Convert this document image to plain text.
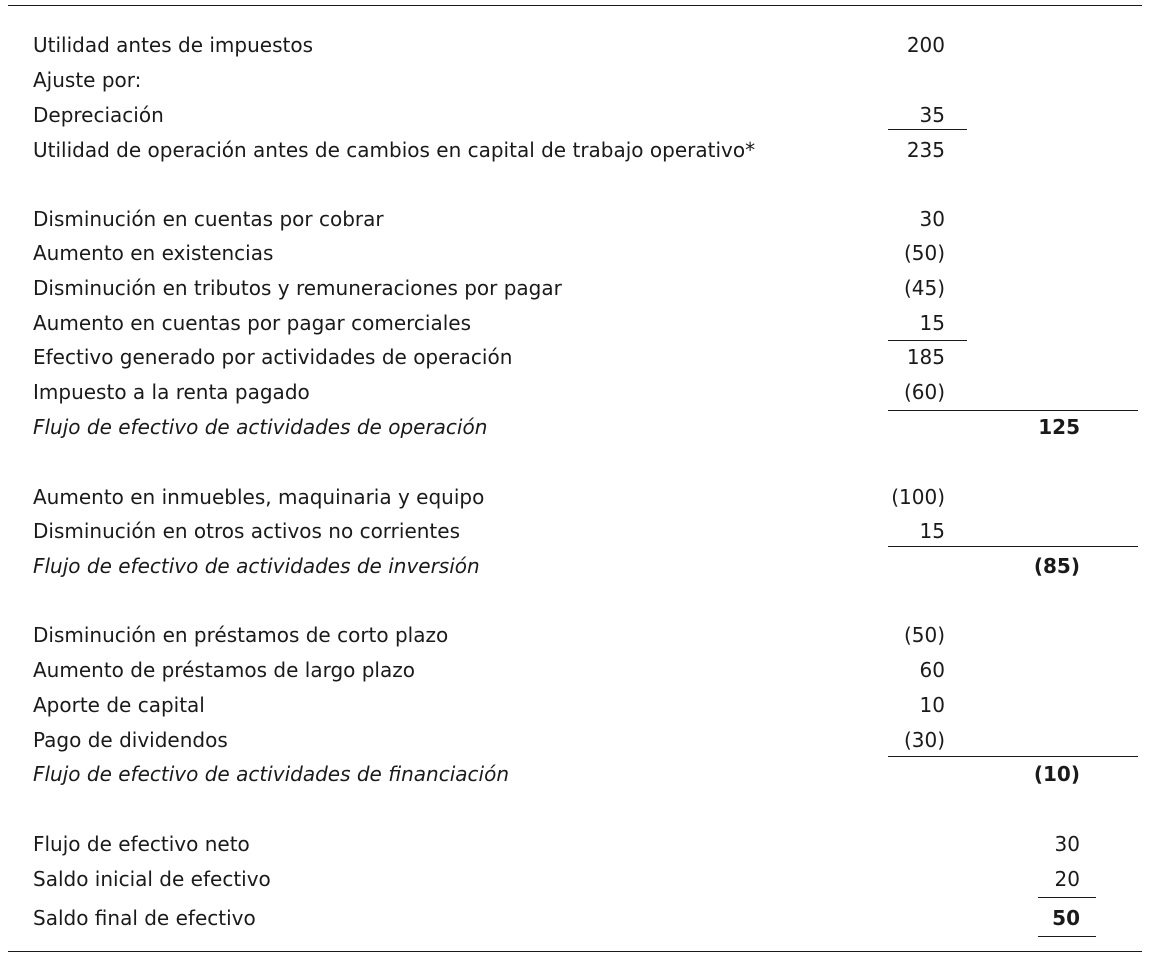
Utilidad antes de impuestos	200
Ajuste por:
Depreciación	35
Utilidad de operación antes de cambios en capital de trabajo operativo*	235
Disminución en cuentas por cobrar	30
Aumento en existencias	(50)
Disminución en tributos y remuneraciones por pagar	(45)
Aumento en cuentas por pagar comerciales	15
Efectivo generado por actividades de operación	185
Impuesto a la renta pagado	(60)
Flujo de efectivo de actividades de operación	125
Aumento en inmuebles, maquinaria y equipo	(100)
Disminución en otros activos no corrientes	15
Flujo de efectivo de actividades de inversión	(85)
Disminución en préstamos de corto plazo	(50)
Aumento de préstamos de largo plazo	60
Aporte de capital	10
Pago de dividendos	(30)
Flujo de efectivo de actividades de financiación	(10)
Flujo de efectivo neto	30
Saldo inicial de efectivo	20
Saldo final de efectivo	50
